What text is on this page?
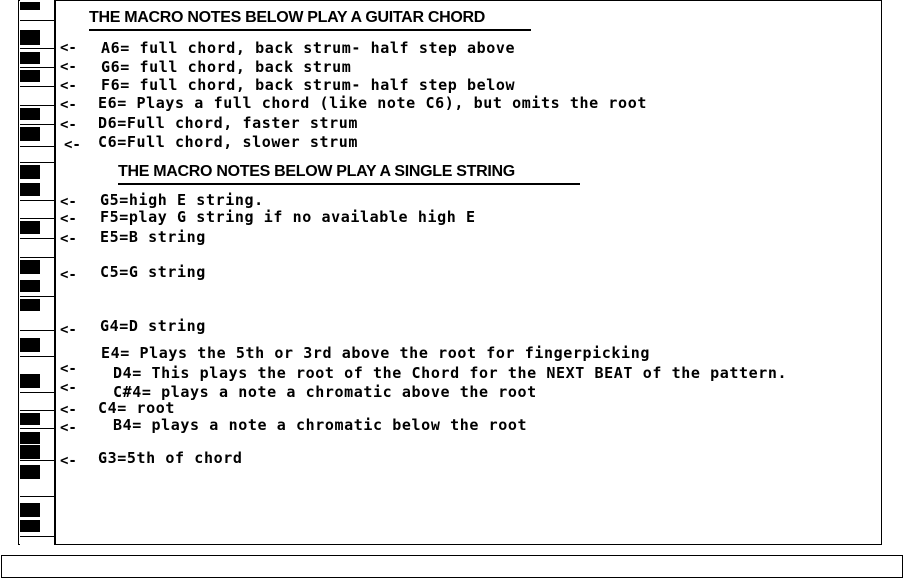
THE MACRO NOTES BELOW PLAY A GUITAR CHORD
<- A6= full chord, back strum- half step above
<- G6= full chord, back strum
<- F6= full chord, back strum- half step below
<- E6= Plays a full chord (like note C6), but omits the root
<- D6=Full chord, faster strum
<- C6=Full chord, slower strum
THE MACRO NOTES BELOW PLAY A SINGLE STRING
<- G5=high E string.
<- F5=play G string if no available high E
<- E5=B string
<- C5=G string
<- G4=D string
E4= Plays the 5th or 3rd above the root for fingerpicking
<- D4= This plays the root of the Chord for the NEXT BEAT of the pattern.
<- C#4= plays a note a chromatic above the root
<- C4= root
<- B4= plays a note a chromatic below the root
<- G3=5th of chord
